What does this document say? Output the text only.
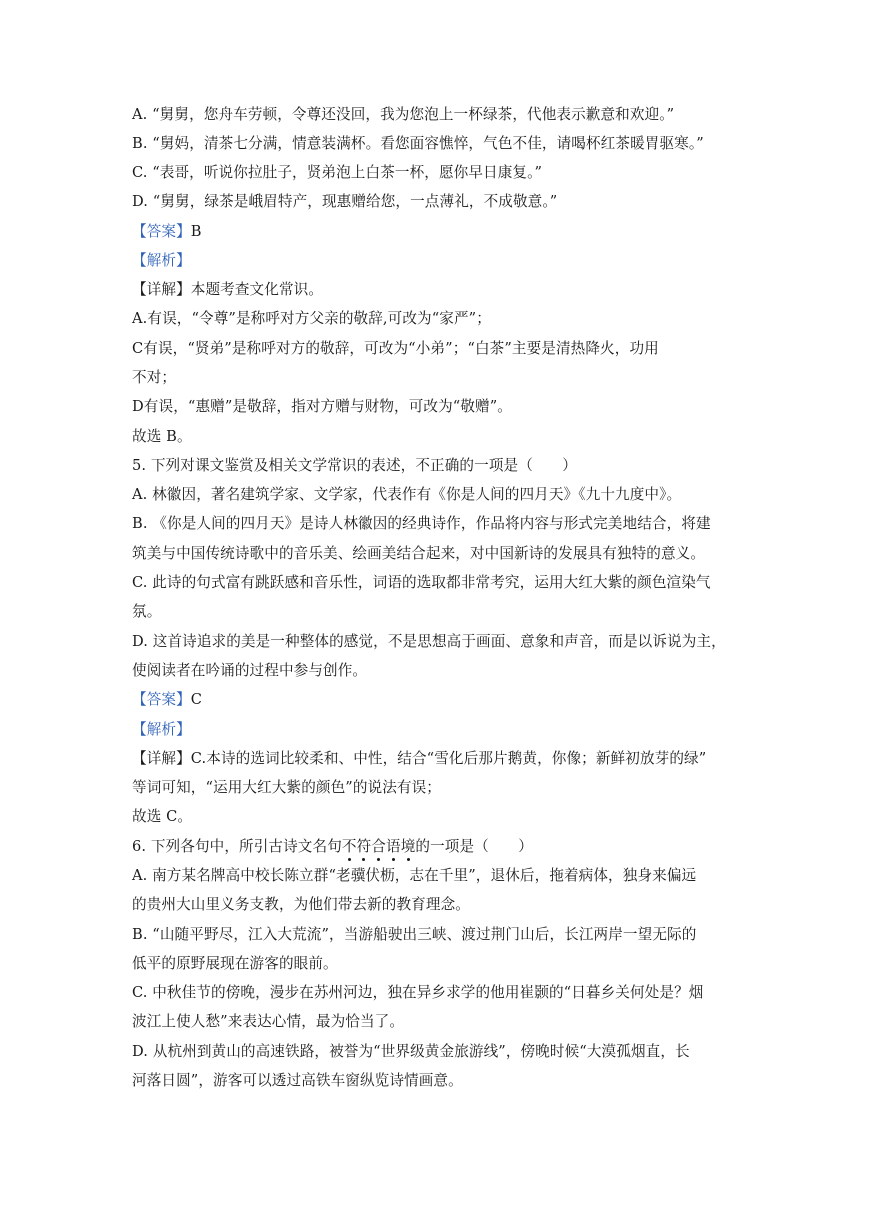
A. “舅舅，您舟车劳顿，令尊还没回，我为您泡上一杯绿茶，代他表示歉意和欢迎。”
B. “舅妈，清茶七分满，情意装满杯。看您面容憔悴，气色不佳，请喝杯红茶暖胃驱寒。”
C. “表哥，听说你拉肚子，贤弟泡上白茶一杯，愿你早日康复。”
D. “舅舅，绿茶是峨眉特产，现惠赠给您，一点薄礼，不成敬意。”
【答案】B
【解析】
【详解】本题考查文化常识。
A.有误，“令尊”是称呼对方父亲的敬辞,可改为“家严”；
C有误，“贤弟”是称呼对方的敬辞，可改为“小弟”；“白茶”主要是清热降火，功用
不对；
D有误，“惠赠”是敬辞，指对方赠与财物，可改为“敬赠”。
故选 B。
5. 下列对课文鉴赏及相关文学常识的表述，不正确的一项是（　　）
A. 林徽因，著名建筑学家、文学家，代表作有《你是人间的四月天》《九十九度中》。
B. 《你是人间的四月天》是诗人林徽因的经典诗作，作品将内容与形式完美地结合，将建
筑美与中国传统诗歌中的音乐美、绘画美结合起来，对中国新诗的发展具有独特的意义。
C. 此诗的句式富有跳跃感和音乐性，词语的选取都非常考究，运用大红大紫的颜色渲染气
氛。
D. 这首诗追求的美是一种整体的感觉，不是思想高于画面、意象和声音，而是以诉说为主，
使阅读者在吟诵的过程中参与创作。
【答案】C
【解析】
【详解】C.本诗的选词比较柔和、中性，结合“雪化后那片鹅黄，你像；新鲜初放芽的绿”
等词可知，“运用大红大紫的颜色”的说法有误；
故选 C。
6. 下列各句中，所引古诗文名句不符合语境的一项是（　　）
A. 南方某名牌高中校长陈立群“老骥伏枥，志在千里”，退休后，拖着病体，独身来偏远
的贵州大山里义务支教，为他们带去新的教育理念。
B. “山随平野尽，江入大荒流”，当游船驶出三峡、渡过荆门山后，长江两岸一望无际的
低平的原野展现在游客的眼前。
C. 中秋佳节的傍晚，漫步在苏州河边，独在异乡求学的他用崔颢的“日暮乡关何处是？烟
波江上使人愁”来表达心情，最为恰当了。
D. 从杭州到黄山的高速铁路，被誉为“世界级黄金旅游线”，傍晚时候“大漠孤烟直，长
河落日圆”，游客可以透过高铁车窗纵览诗情画意。
